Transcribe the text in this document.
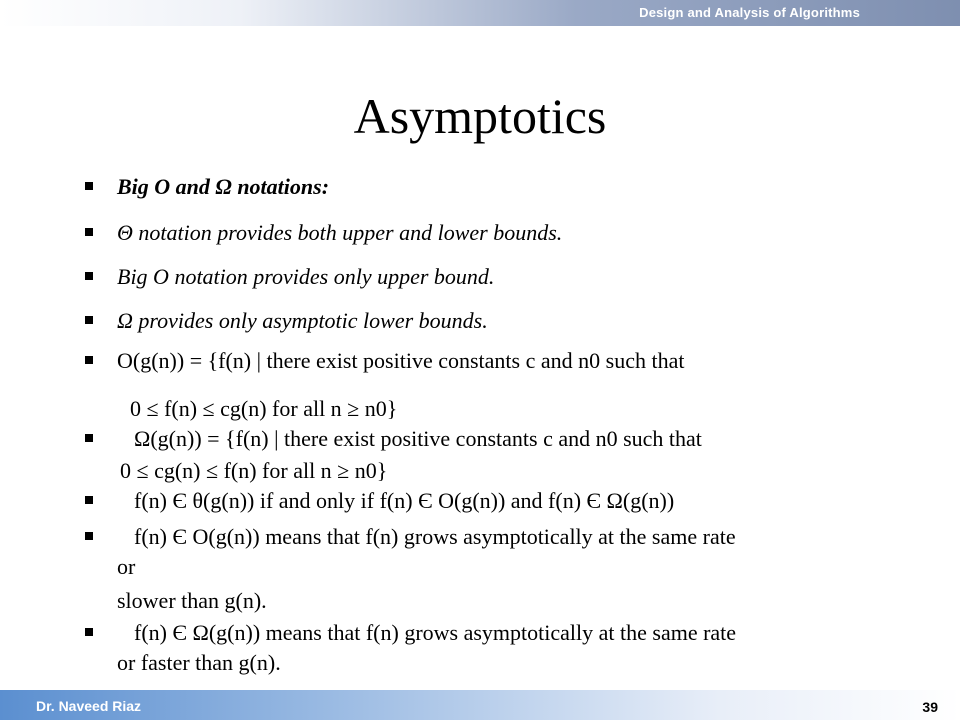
Design and Analysis of Algorithms
Asymptotics
Big O and Ω notations:
Θ notation provides both upper and lower bounds.
Big O notation provides only upper bound.
Ω provides only asymptotic lower bounds.
O(g(n)) = {f(n) | there exist positive constants c and n0 such that
0 ≤ f(n) ≤ cg(n) for all n ≥ n0}
Ω(g(n)) = {f(n) | there exist positive constants c and n0 such that
0 ≤ cg(n) ≤ f(n) for all n ≥ n0}
f(n) Є θ(g(n)) if and only if f(n) Є O(g(n)) and f(n) Є Ω(g(n))
f(n) Є O(g(n)) means that f(n) grows asymptotically at the same rate
or
slower than g(n).
f(n) Є Ω(g(n)) means that f(n) grows asymptotically at the same rate
or faster than g(n).
Dr. Naveed Riaz	39
